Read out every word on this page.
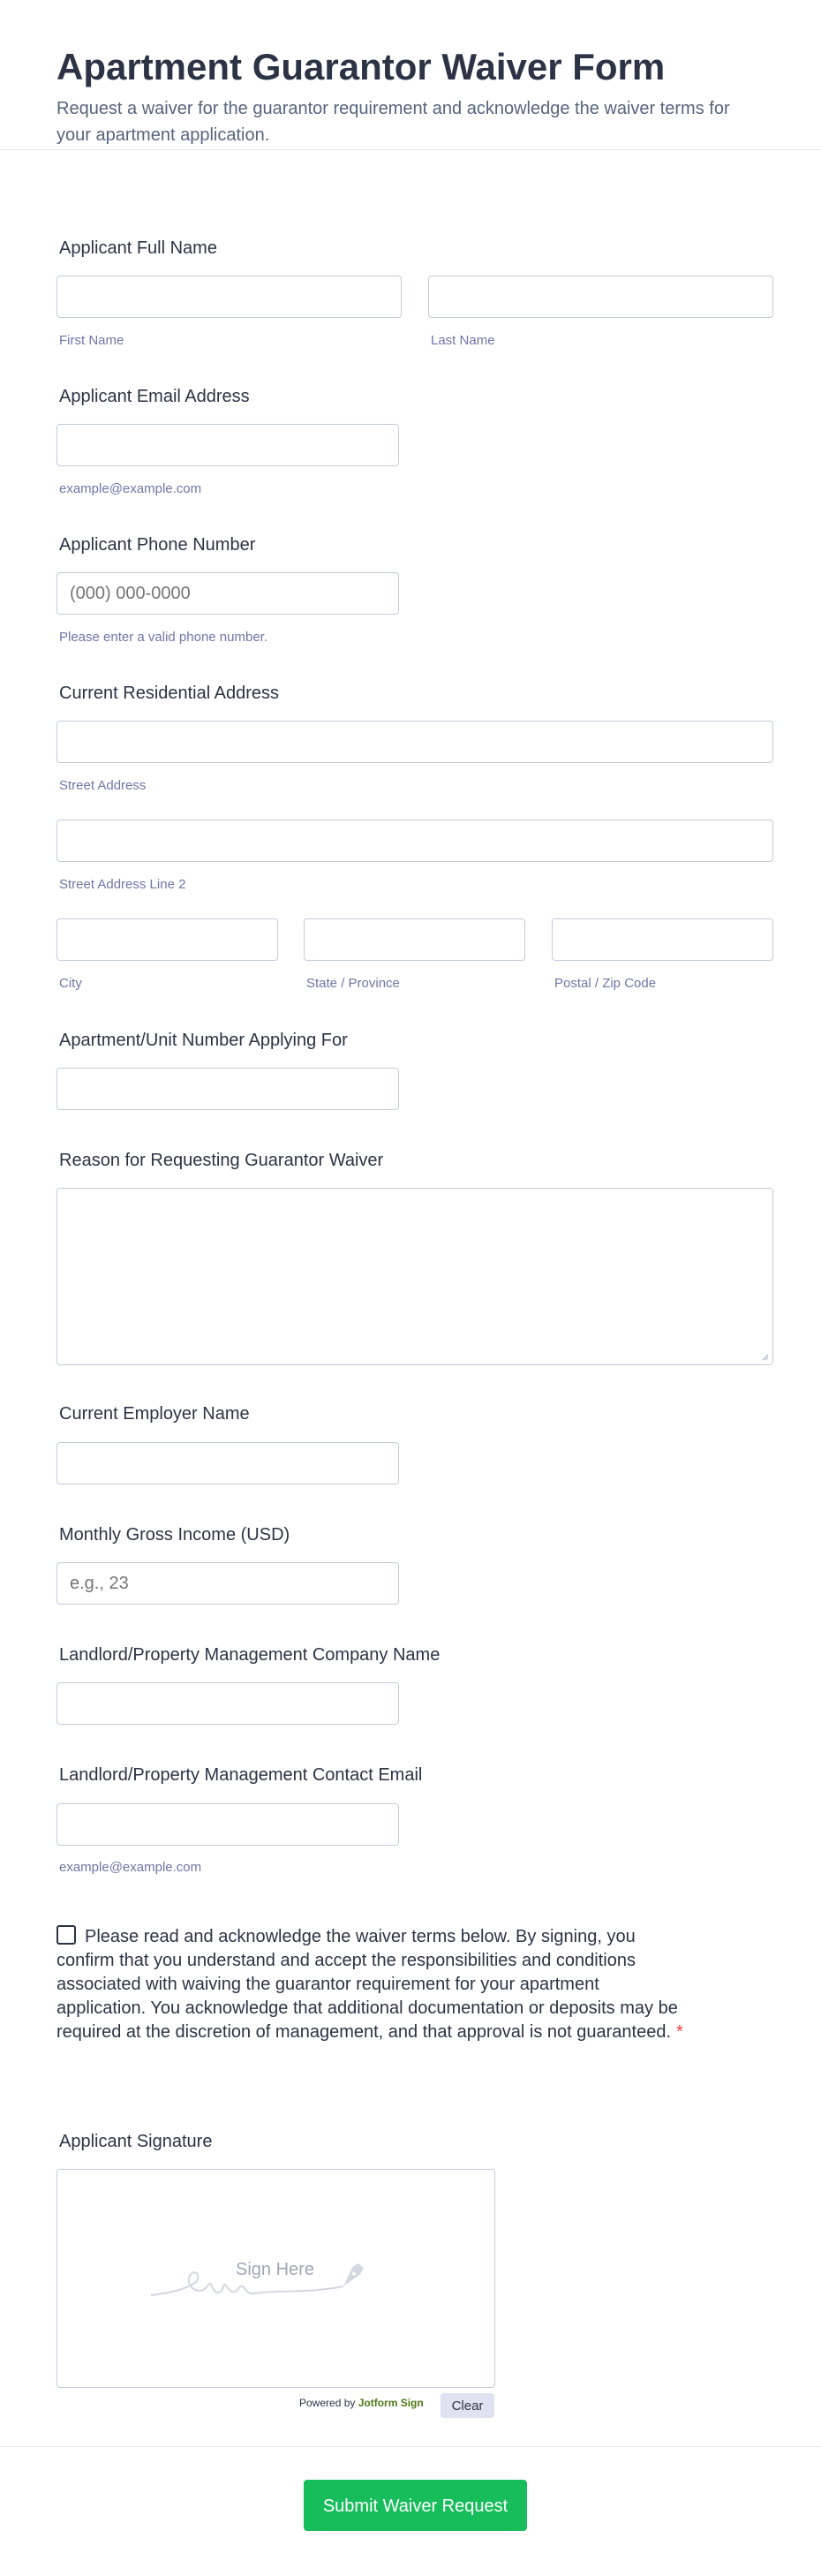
Apartment Guarantor Waiver Form
Request a waiver for the guarantor requirement and acknowledge the waiver terms for your apartment application.
Applicant Full Name
First Name	Last Name
Applicant Email Address
example@example.com
Applicant Phone Number
(000) 000-0000
Please enter a valid phone number.
Current Residential Address
Street Address
Street Address Line 2
City	State / Province	Postal / Zip Code
Apartment/Unit Number Applying For
Reason for Requesting Guarantor Waiver
Current Employer Name
Monthly Gross Income (USD)
e.g., 23
Landlord/Property Management Company Name
Landlord/Property Management Contact Email
example@example.com
Please read and acknowledge the waiver terms below. By signing, you confirm that you understand and accept the responsibilities and conditions associated with waiving the guarantor requirement for your apartment application. You acknowledge that additional documentation or deposits may be required at the discretion of management, and that approval is not guaranteed. *
Applicant Signature
Sign Here
Powered by Jotform Sign	Clear
Submit Waiver Request
